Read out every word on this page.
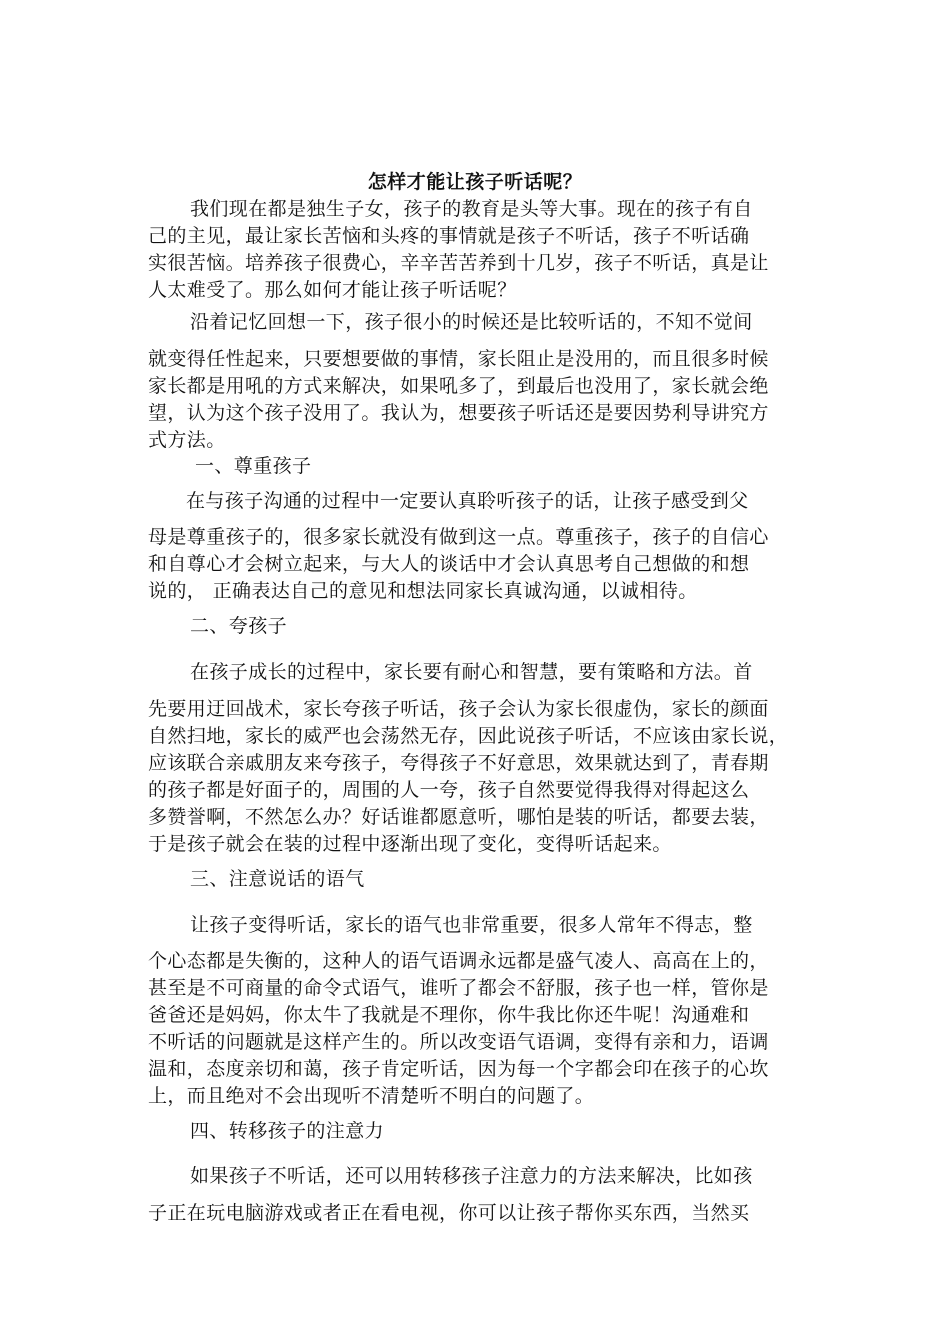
怎样才能让孩子听话呢？
我们现在都是独生子女，孩子的教育是头等大事。现在的孩子有自
己的主见，最让家长苦恼和头疼的事情就是孩子不听话，孩子不听话确
实很苦恼。培养孩子很费心，辛辛苦苦养到十几岁，孩子不听话，真是让
人太难受了。那么如何才能让孩子听话呢？
沿着记忆回想一下，孩子很小的时候还是比较听话的，不知不觉间
就变得任性起来，只要想要做的事情，家长阻止是没用的，而且很多时候
家长都是用吼的方式来解决，如果吼多了，到最后也没用了，家长就会绝
望，认为这个孩子没用了。我认为，想要孩子听话还是要因势利导讲究方
式方法。
一、尊重孩子
在与孩子沟通的过程中一定要认真聆听孩子的话，让孩子感受到父
母是尊重孩子的，很多家长就没有做到这一点。尊重孩子，孩子的自信心
和自尊心才会树立起来，与大人的谈话中才会认真思考自己想做的和想
说的， 正确表达自己的意见和想法同家长真诚沟通，以诚相待。
二、夸孩子
在孩子成长的过程中，家长要有耐心和智慧，要有策略和方法。首
先要用迂回战术，家长夸孩子听话，孩子会认为家长很虚伪，家长的颜面
自然扫地，家长的威严也会荡然无存，因此说孩子听话，不应该由家长说，
应该联合亲戚朋友来夸孩子，夸得孩子不好意思，效果就达到了，青春期
的孩子都是好面子的，周围的人一夸，孩子自然要觉得我得对得起这么
多赞誉啊，不然怎么办？好话谁都愿意听，哪怕是装的听话，都要去装，
于是孩子就会在装的过程中逐渐出现了变化，变得听话起来。
三、注意说话的语气
让孩子变得听话，家长的语气也非常重要，很多人常年不得志，整
个心态都是失衡的，这种人的语气语调永远都是盛气凌人、高高在上的，
甚至是不可商量的命令式语气，谁听了都会不舒服，孩子也一样，管你是
爸爸还是妈妈，你太牛了我就是不理你，你牛我比你还牛呢！沟通难和
不听话的问题就是这样产生的。所以改变语气语调，变得有亲和力，语调
温和，态度亲切和蔼，孩子肯定听话，因为每一个字都会印在孩子的心坎
上，而且绝对不会出现听不清楚听不明白的问题了。
四、转移孩子的注意力
如果孩子不听话，还可以用转移孩子注意力的方法来解决，比如孩
子正在玩电脑游戏或者正在看电视，你可以让孩子帮你买东西，当然买
